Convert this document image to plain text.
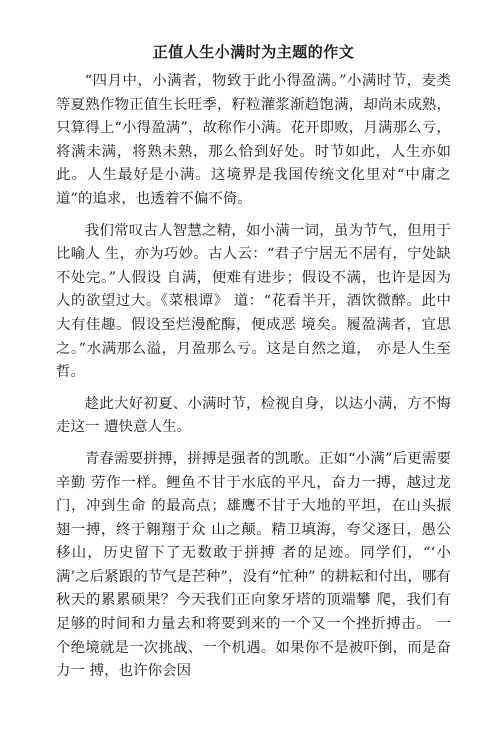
正值人生小满时为主题的作文

“四月中，小满者，物致于此小得盈满。”小满时节，麦类等夏熟作物正值生长旺季，籽粒灌浆渐趋饱满，却尚未成熟，只算得上“小得盈满”，故称作小满。花开即败，月满那么亏，将满未满，将熟未熟，那么恰到好处。时节如此，人生亦如此。人生最好是小满。这境界是我国传统文化里对“中庸之道”的追求，也透着不偏不倚。

我们常叹古人智慧之精，如小满一词，虽为节气，但用于比喻人 生，亦为巧妙。古人云：“君子宁居无不居有，宁处缺不处完。”人假设 自满，便难有进步；假设不满，也许是因为人的欲望过大。《菜根谭》 道：“花看半开，酒饮微醉。此中大有佳趣。假设至烂漫酡酶，便成恶 境矣。履盈满者，宜思之。”水满那么溢，月盈那么亏。这是自然之道， 亦是人生至哲。

趁此大好初夏、小满时节，检视自身，以达小满，方不悔走这一 遭快意人生。

青春需要拼搏，拼搏是强者的凯歌。正如“小满”后更需要辛勤 劳作一样。鲤鱼不甘于水底的平凡，奋力一搏，越过龙门，冲到生命 的最高点；雄鹰不甘于大地的平坦，在山头振翅一搏，终于翱翔于众 山之颠。精卫填海，夸父逐日，愚公移山，历史留下了无数敢于拼搏 者的足迹。同学们，“‘小满’之后紧跟的节气是芒种”，没有“忙种” 的耕耘和付出，哪有秋天的累累硕果？今天我们正向象牙塔的顶端攀 爬，我们有足够的时间和力量去和将要到来的一个又一个挫折搏击。 一个绝境就是一次挑战、一个机遇。如果你不是被吓倒，而是奋力一 搏，也许你会因
